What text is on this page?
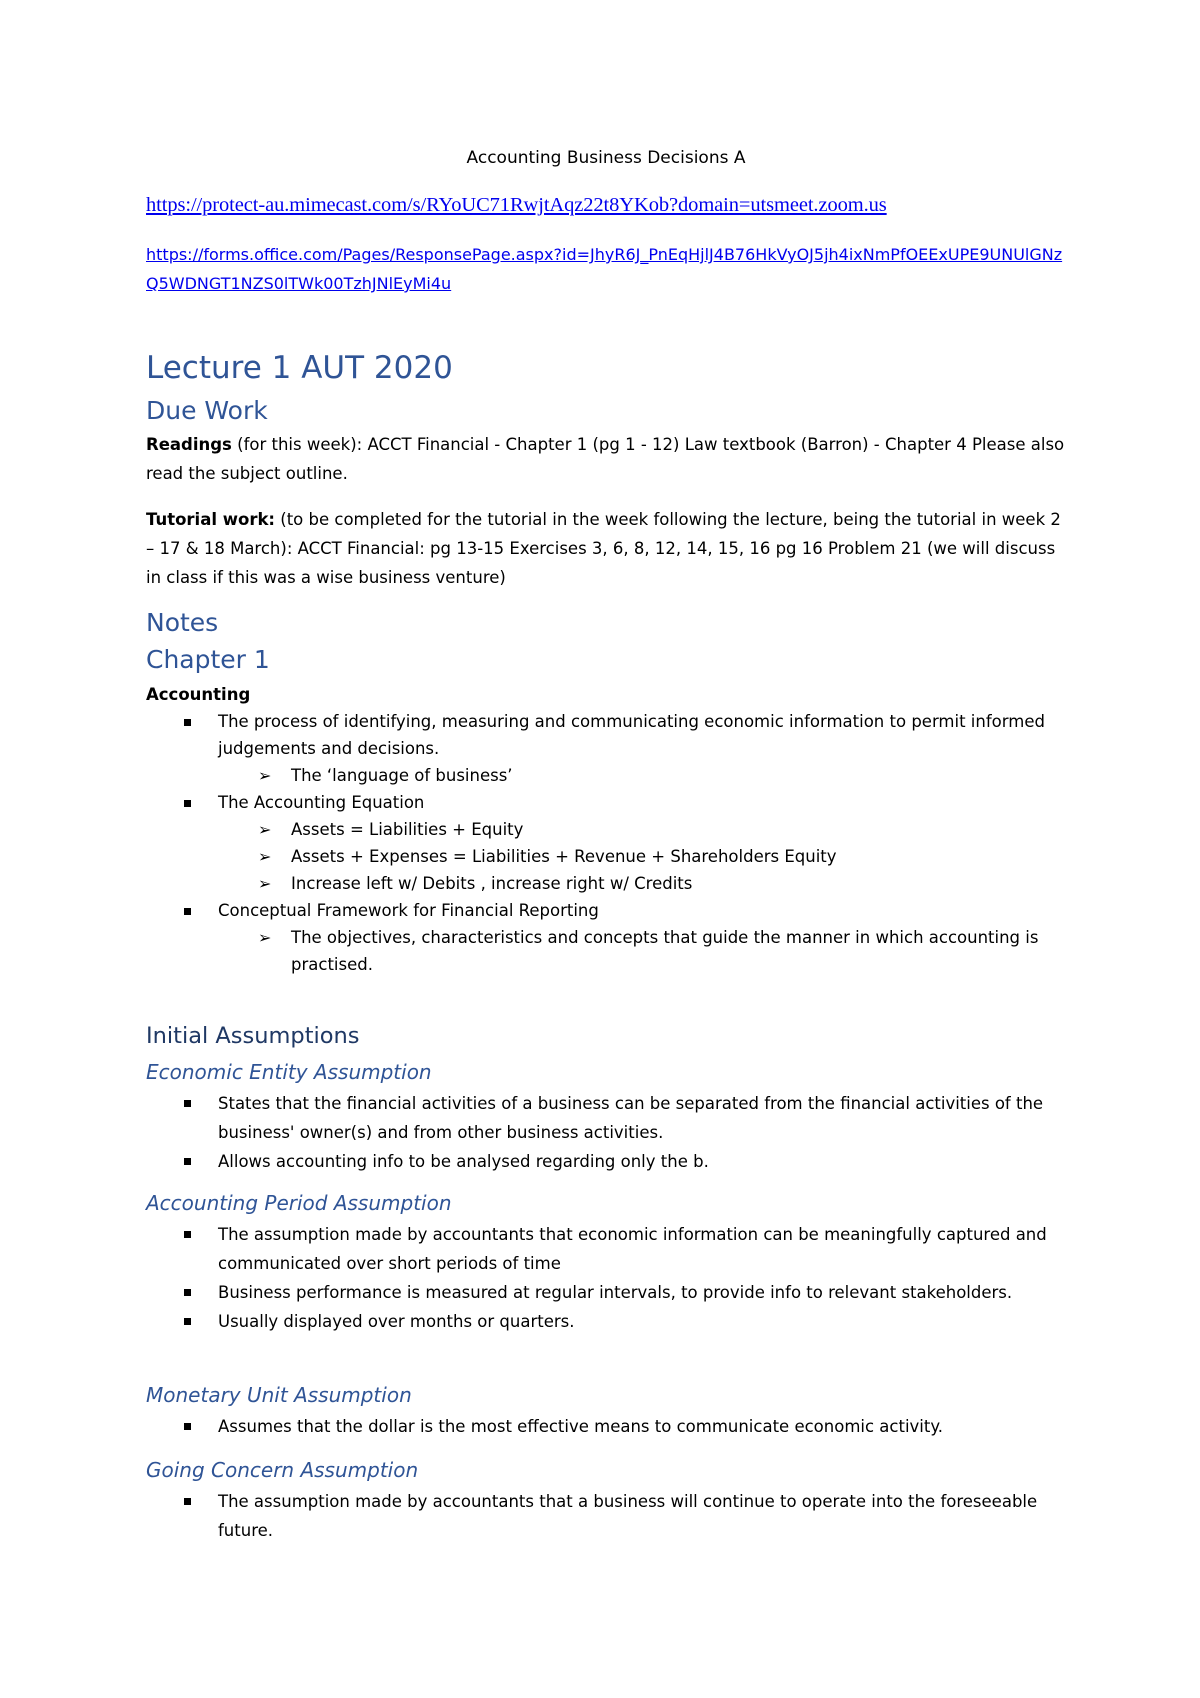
Accounting Business Decisions A
https://protect-au.mimecast.com/s/RYoUC71RwjtAqz22t8YKob?domain=utsmeet.zoom.us
https://forms.office.com/Pages/ResponsePage.aspx?id=JhyR6J_PnEqHjlJ4B76HkVyOJ5jh4ixNmPfOEExUPE9UNUlGNzQ5WDNGT1NZS0lTWk00TzhJNlEyMi4u
Lecture 1 AUT 2020
Due Work
Readings (for this week): ACCT Financial - Chapter 1 (pg 1 - 12) Law textbook (Barron) - Chapter 4 Please also read the subject outline.
Tutorial work: (to be completed for the tutorial in the week following the lecture, being the tutorial in week 2 – 17 & 18 March): ACCT Financial: pg 13-15 Exercises 3, 6, 8, 12, 14, 15, 16 pg 16 Problem 21 (we will discuss in class if this was a wise business venture)
Notes
Chapter 1
Accounting
The process of identifying, measuring and communicating economic information to permit informed judgements and decisions.
➢ The ‘language of business’
The Accounting Equation
➢ Assets = Liabilities + Equity
➢ Assets + Expenses = Liabilities + Revenue + Shareholders Equity
➢ Increase left w/ Debits , increase right w/ Credits
Conceptual Framework for Financial Reporting
➢ The objectives, characteristics and concepts that guide the manner in which accounting is practised.
Initial Assumptions
Economic Entity Assumption
States that the financial activities of a business can be separated from the financial activities of the business' owner(s) and from other business activities.
Allows accounting info to be analysed regarding only the b.
Accounting Period Assumption
The assumption made by accountants that economic information can be meaningfully captured and communicated over short periods of time
Business performance is measured at regular intervals, to provide info to relevant stakeholders.
Usually displayed over months or quarters.
Monetary Unit Assumption
Assumes that the dollar is the most effective means to communicate economic activity.
Going Concern Assumption
The assumption made by accountants that a business will continue to operate into the foreseeable future.
